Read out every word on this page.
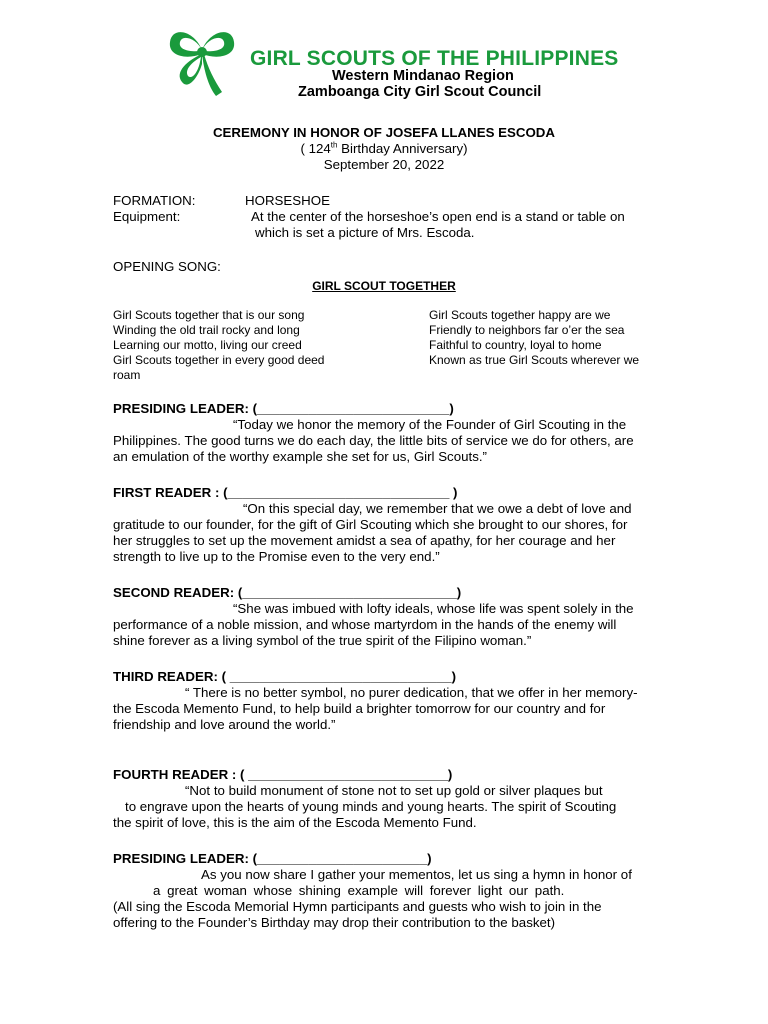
GIRL SCOUTS OF THE PHILIPPINES
Western Mindanao Region
Zamboanga City Girl Scout Council
CEREMONY IN HONOR OF JOSEFA LLANES ESCODA
( 124th Birthday Anniversary)
September 20, 2022
FORMATION:	HORSESHOE
Equipment:	At the center of the horseshoe’s open end is a stand or table on
which is set a picture of Mrs. Escoda.
OPENING SONG:
GIRL SCOUT TOGETHER
Girl Scouts together that is our song
Winding the old trail rocky and long
Learning our motto, living our creed
Girl Scouts together in every good deed
roam
Girl Scouts together happy are we
Friendly to neighbors far o’er the sea
Faithful to country, loyal to home
Known as true Girl Scouts wherever we
PRESIDING LEADER: (__________________________)
“Today we honor the memory of the Founder of Girl Scouting in the
Philippines. The good turns we do each day, the little bits of service we do for others, are
an emulation of the worthy example she set for us, Girl Scouts.”
FIRST READER : (______________________________ )
“On this special day, we remember that we owe a debt of love and
gratitude to our founder, for the gift of Girl Scouting which she brought to our shores, for
her struggles to set up the movement amidst a sea of apathy, for her courage and her
strength to live up to the Promise even to the very end.”
SECOND READER: (_____________________________)
“She was imbued with lofty ideals, whose life was spent solely in the
performance of a noble mission, and whose martyrdom in the hands of the enemy will
shine forever as a living symbol of the true spirit of the Filipino woman.”
THIRD READER: ( ______________________________)
“ There is no better symbol, no purer dedication, that we offer in her memory-
the Escoda Memento Fund, to help build a brighter tomorrow for our country and for
friendship and love around the world.”
FOURTH READER : ( ___________________________)
“Not to build monument of stone not to set up gold or silver plaques but
to engrave upon the hearts of young minds and young hearts. The spirit of Scouting
the spirit of love, this is the aim of the Escoda Memento Fund.
PRESIDING LEADER: (_______________________)
As you now share I gather your mementos, let us sing a hymn in honor of
a great woman whose shining example will forever light our path.
(All sing the Escoda Memorial Hymn participants and guests who wish to join in the
offering to the Founder’s Birthday may drop their contribution to the basket)
